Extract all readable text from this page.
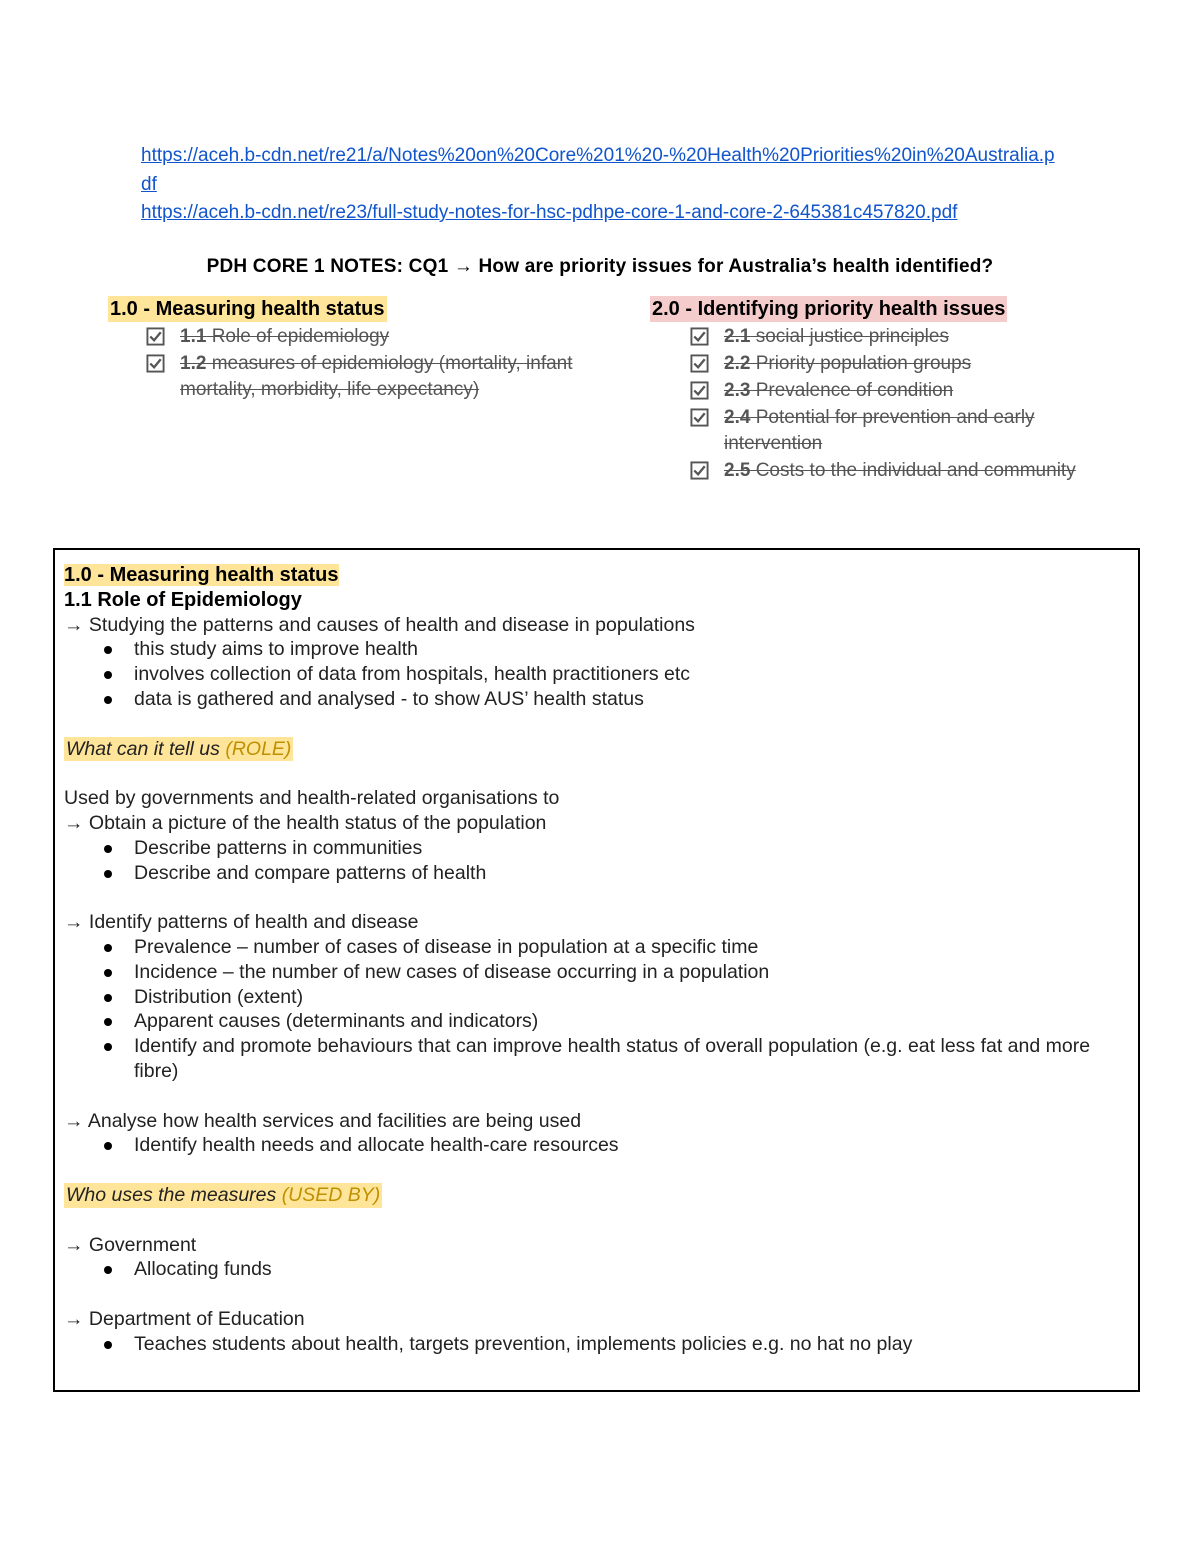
https://aceh.b-cdn.net/re21/a/Notes%20on%20Core%201%20-%20Health%20Priorities%20in%20Australia.pdf
https://aceh.b-cdn.net/re23/full-study-notes-for-hsc-pdhpe-core-1-and-core-2-645381c457820.pdf
PDH CORE 1 NOTES: CQ1 → How are priority issues for Australia’s health identified?
1.0 - Measuring health status
1.1 Role of epidemiology
1.2 measures of epidemiology (mortality, infant mortality, morbidity, life expectancy)
2.0 - Identifying priority health issues
2.1 social justice principles
2.2 Priority population groups
2.3 Prevalence of condition
2.4 Potential for prevention and early intervention
2.5 Costs to the individual and community

1.0 - Measuring health status

1.1 Role of Epidemiology

→ Studying the patterns and causes of health and disease in populations

this study aims to improve health
involves collection of data from hospitals, health practitioners etc
data is gathered and analysed - to show AUS’ health status

What can it tell us (ROLE)

Used by governments and health-related organisations to

→ Obtain a picture of the health status of the population

Describe patterns in communities
Describe and compare patterns of health

→ Identify patterns of health and disease

Prevalence – number of cases of disease in population at a specific time
Incidence – the number of new cases of disease occurring in a population
Distribution (extent)
Apparent causes (determinants and indicators)
Identify and promote behaviours that can improve health status of overall population (e.g. eat less fat and more fibre)

→ Analyse how health services and facilities are being used

Identify health needs and allocate health-care resources

Who uses the measures (USED BY)

→ Government

Allocating funds

→ Department of Education

Teaches students about health, targets prevention, implements policies e.g. no hat no play
